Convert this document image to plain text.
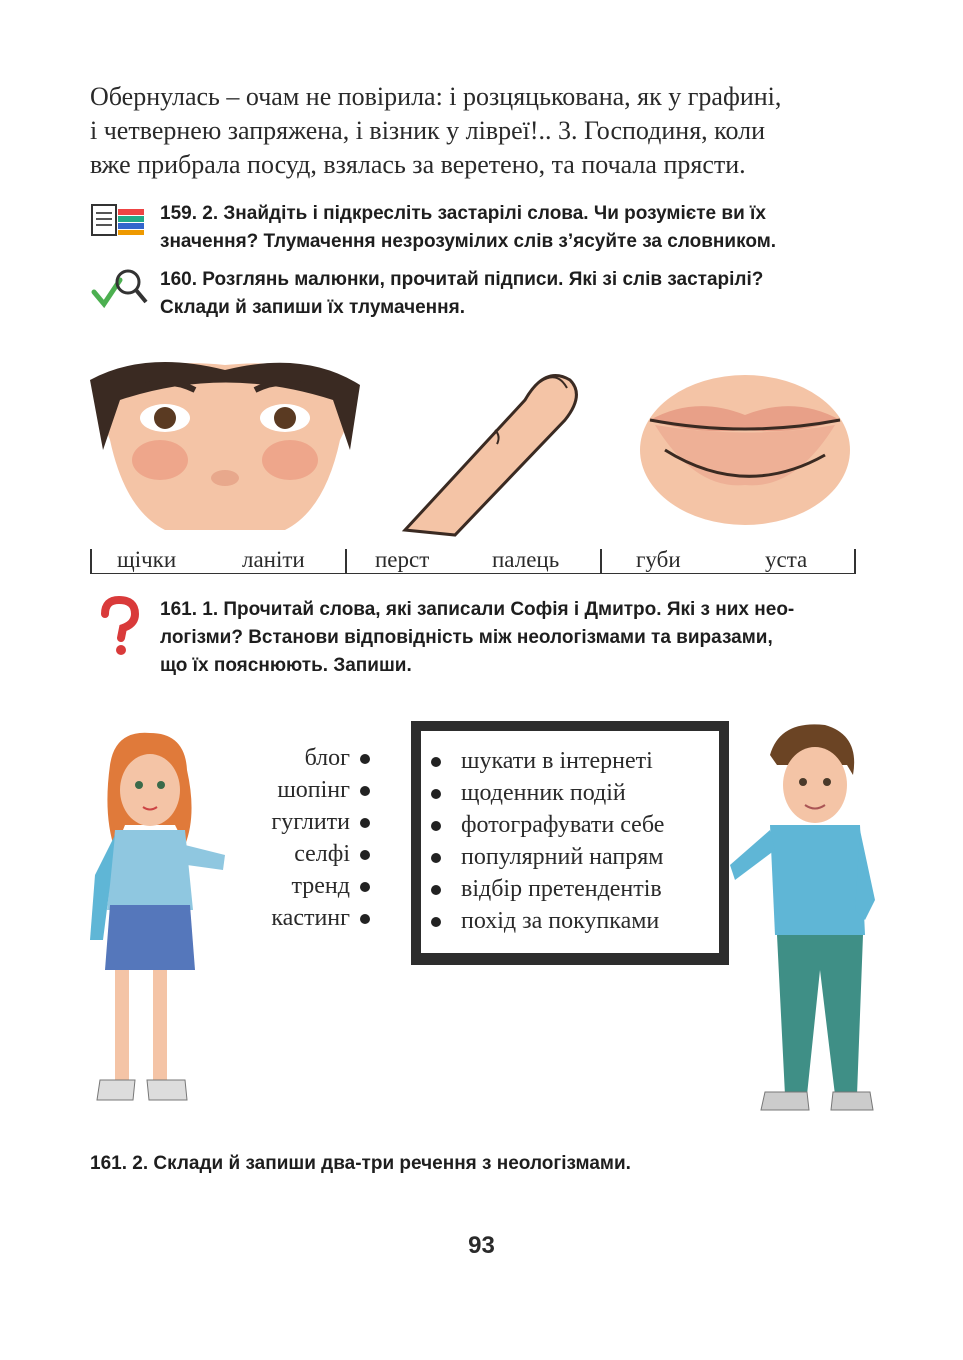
Обернулась – очам не повірила: і розцяцькована, як у графині,

і четвернею запряжена, і візник у лівреї!.. 3. Господиня, коли

вже прибрала посуд, взялась за веретено, та почала прясти.

159. 2. Знайдіть і підкресліть застарілі слова. Чи розумієте ви їх
значення? Тлумачення незрозумілих слів з’ясуйте за словником.
160. Розглянь малюнки, прочитай підписи. Які зі слів застарілі?
Склади й запиши їх тлумачення.
щічки	ланіти	перст	палець	губи	уста
161. 1. Прочитай слова, які записали Софія і Дмитро. Які з них нео-
логізми? Встанови відповідність між неологізмами та виразами,
що їх пояснюють. Запиши.
блог
шопінг
гуглити
селфі
тренд
кастинг
шукати в інтернеті
щоденник подій
фотографувати себе
популярний напрям
відбір претендентів
похід за покупками
161. 2. Склади й запиши два-три речення з неологізмами.
93
